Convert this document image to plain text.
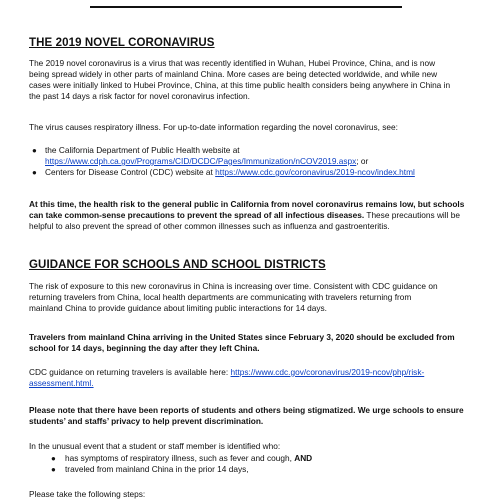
THE 2019 NOVEL CORONAVIRUS

The 2019 novel coronavirus is a virus that was recently identified in Wuhan, Hubei Province, China, and is now

being spread widely in other parts of mainland China. More cases are being detected worldwide, and while new

cases were initially linked to Hubei Province, China, at this time public health considers being anywhere in China in

the past 14 days a risk factor for novel coronavirus infection.

The virus causes respiratory illness. For up-to-date information regarding the novel coronavirus, see:

● the California Department of Public Health website at
https://www.cdph.ca.gov/Programs/CID/DCDC/Pages/Immunization/nCOV2019.aspx; or
● Centers for Disease Control (CDC) website at https://www.cdc.gov/coronavirus/2019-ncov/index.html

At this time, the health risk to the general public in California from novel coronavirus remains low, but schools

can take common-sense precautions to prevent the spread of all infectious diseases. These precautions will be

helpful to also prevent the spread of other common illnesses such as influenza and gastroenteritis.

GUIDANCE FOR SCHOOLS AND SCHOOL DISTRICTS

The risk of exposure to this new coronavirus in China is increasing over time. Consistent with CDC guidance on

returning travelers from China, local health departments are communicating with travelers returning from

mainland China to provide guidance about limiting public interactions for 14 days.

Travelers from mainland China arriving in the United States since February 3, 2020 should be excluded from

school for 14 days, beginning the day after they left China.

CDC guidance on returning travelers is available here: https://www.cdc.gov/coronavirus/2019-ncov/php/risk-

assessment.html.

Please note that there have been reports of students and others being stigmatized. We urge schools to ensure

students’ and staffs’ privacy to help prevent discrimination.

In the unusual event that a student or staff member is identified who:

● has symptoms of respiratory illness, such as fever and cough, AND
● traveled from mainland China in the prior 14 days,

Please take the following steps:
